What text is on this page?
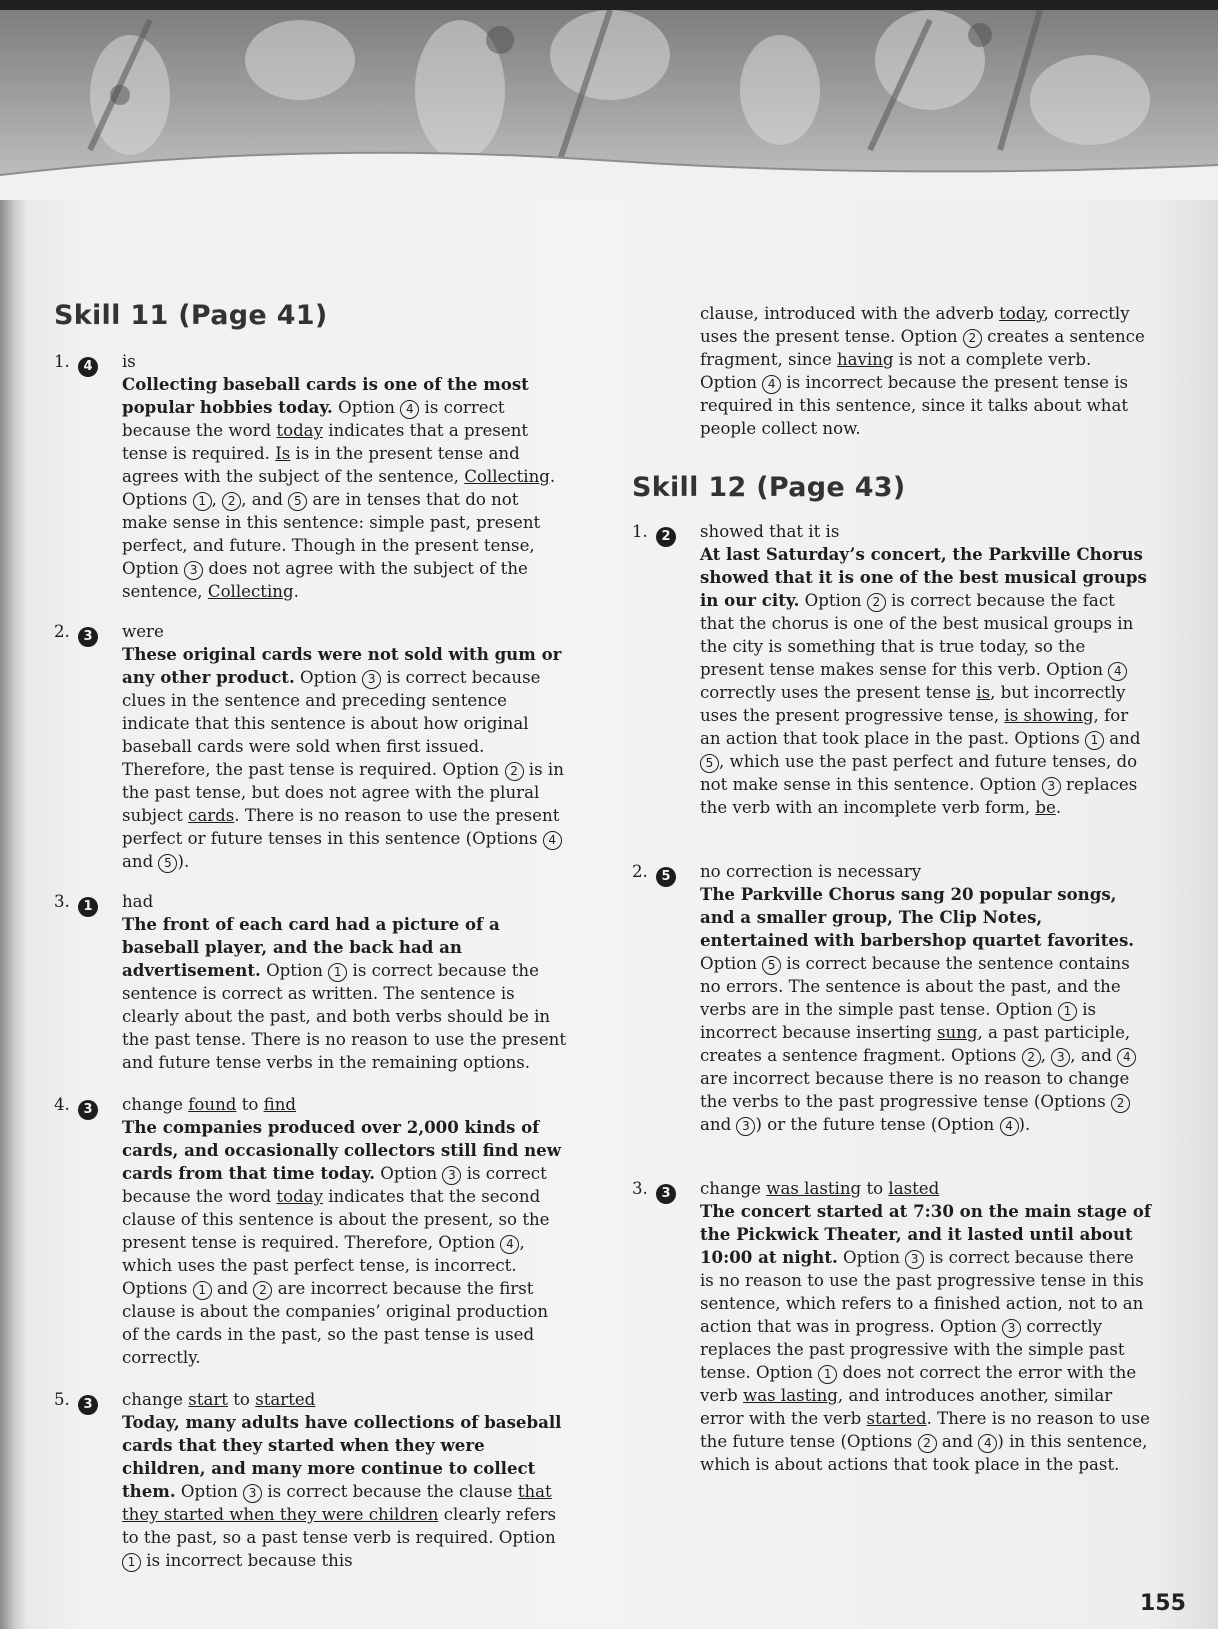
Skill 11 (Page 41)
1. 4	is
Collecting baseball cards is one of the most popular hobbies today. Option 4 is correct because the word today indicates that a present tense is required. Is is in the present tense and agrees with the subject of the sentence, Collecting. Options 1 , 2 , and 5 are in tenses that do not make sense in this sentence: simple past, present perfect, and future. Though in the present tense, Option 3 does not agree with the subject of the sentence, Collecting.
2. 3	were
These original cards were not sold with gum or any other product. Option 3 is correct because clues in the sentence and preceding sentence indicate that this sentence is about how original baseball cards were sold when first issued. Therefore, the past tense is required. Option 2 is in the past tense, but does not agree with the plural subject cards. There is no reason to use the present perfect or future tenses in this sentence (Options 4 and 5 ).
3. 1	had
The front of each card had a picture of a baseball player, and the back had an advertisement. Option 1 is correct because the sentence is correct as written. The sentence is clearly about the past, and both verbs should be in the past tense. There is no reason to use the present and future tense verbs in the remaining options.
4. 3	change found to find
The companies produced over 2,000 kinds of cards, and occasionally collectors still find new cards from that time today. Option 3 is correct because the word today indicates that the second clause of this sentence is about the present, so the present tense is required. Therefore, Option 4 , which uses the past perfect tense, is incorrect. Options 1 and 2 are incorrect because the first clause is about the companies’ original production of the cards in the past, so the past tense is used correctly.
5. 3	change start to started
Today, many adults have collections of baseball cards that they started when they were children, and many more continue to collect them. Option 3 is correct because the clause that they started when they were children clearly refers to the past, so a past tense verb is required. Option 1 is incorrect because this
clause, introduced with the adverb today, correctly uses the present tense. Option 2 creates a sentence fragment, since having is not a complete verb. Option 4 is incorrect because the present tense is required in this sentence, since it talks about what people collect now.
Skill 12 (Page 43)
1. 2	showed that it is
At last Saturday’s concert, the Parkville Chorus showed that it is one of the best musical groups in our city. Option 2 is correct because the fact that the chorus is one of the best musical groups in the city is something that is true today, so the present tense makes sense for this verb. Option 4 correctly uses the present tense is, but incorrectly uses the present progressive tense, is showing, for an action that took place in the past. Options 1 and 5 , which use the past perfect and future tenses, do not make sense in this sentence. Option 3 replaces the verb with an incomplete verb form, be.
2. 5	no correction is necessary
The Parkville Chorus sang 20 popular songs, and a smaller group, The Clip Notes, entertained with barbershop quartet favorites. Option 5 is correct because the sentence contains no errors. The sentence is about the past, and the verbs are in the simple past tense. Option 1 is incorrect because inserting sung, a past participle, creates a sentence fragment. Options 2 , 3 , and 4 are incorrect because there is no reason to change the verbs to the past progressive tense (Options 2 and 3 ) or the future tense (Option 4 ).
3. 3	change was lasting to lasted
The concert started at 7:30 on the main stage of the Pickwick Theater, and it lasted until about 10:00 at night. Option 3 is correct because there is no reason to use the past progressive tense in this sentence, which refers to a finished action, not to an action that was in progress. Option 3 correctly replaces the past progressive with the simple past tense. Option 1 does not correct the error with the verb was lasting, and introduces another, similar error with the verb started. There is no reason to use the future tense (Options 2 and 4 ) in this sentence, which is about actions that took place in the past.
155
